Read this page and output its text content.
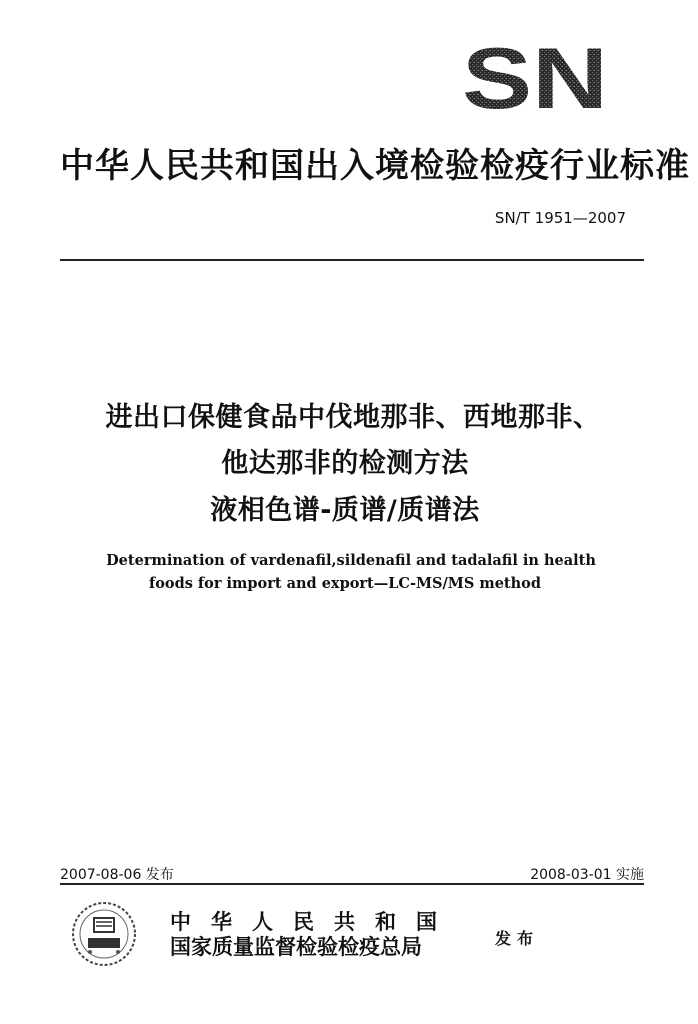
SN
中华人民共和国出入境检验检疫行业标准
SN/T 1951—2007
进出口保健食品中伐地那非、西地那非、
他达那非的检测方法
液相色谱-质谱/质谱法
Determination of vardenafil,sildenafil and tadalafil in health
foods for import and export—LC-MS/MS method
2007-08-06 发布	2008-03-01 实施
中华人民共和国
国家质量监督检验检疫总局	发布
